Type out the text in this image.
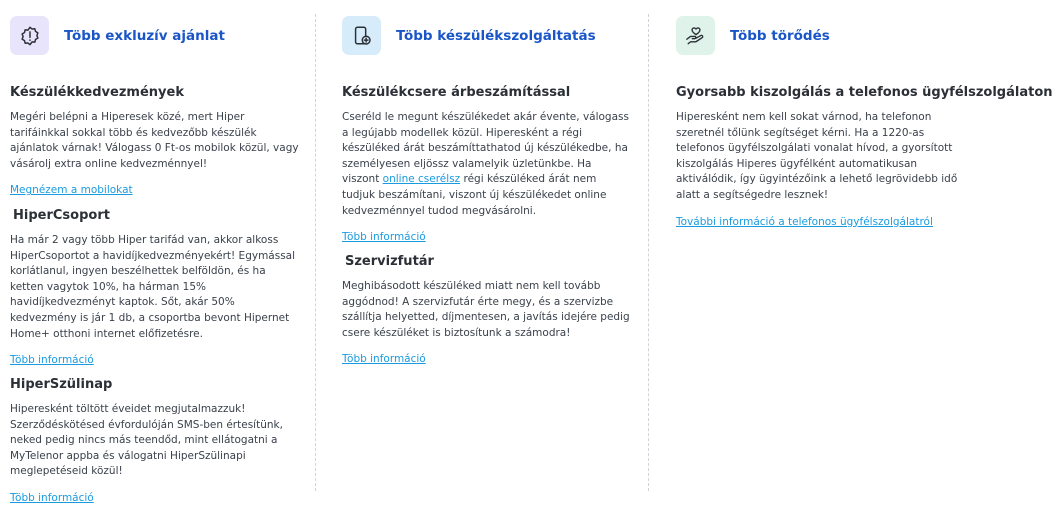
Több exkluzív ajánlat
Készülékkedvezmények

Megéri belépni a Hiperesek közé, mert Hiper tarifáinkkal sokkal több és kedvezőbb készülék ajánlatok várnak! Válogass 0 Ft-os mobilok közül, vagy vásárolj extra online kedvezménnyel!

Megnézem a mobilokat
HiperCsoport

Ha már 2 vagy több Hiper tarifád van, akkor alkoss HiperCsoportot a havidíjkedvezményekért! Egymással korlátlanul, ingyen beszélhettek belföldön, és ha ketten vagytok 10%, ha hárman 15% havidíjkedvezményt kaptok. Sőt, akár 50% kedvezmény is jár 1 db, a csoportba bevont Hipernet Home+ otthoni internet előfizetésre.

Több információ
HiperSzülinap

Hiperesként töltött éveidet megjutalmazzuk! Szerződéskötésed évfordulóján SMS-ben értesítünk, neked pedig nincs más teendőd, mint ellátogatni a MyTelenor appba és válogatni HiperSzülinapi meglepetéseid közül!

Több információ
Több készülékszolgáltatás
Készülékcsere árbeszámítással

Cseréld le megunt készülékedet akár évente, válogass a legújabb modellek közül. Hiperesként a régi készüléked árát beszámíttathatod új készülékedbe, ha személyesen eljössz valamelyik üzletünkbe. Ha viszont online cserélsz régi készüléked árát nem tudjuk beszámítani, viszont új készülékedet online kedvezménnyel tudod megvásárolni.

Több információ
Szervizfutár

Meghibásodott készüléked miatt nem kell tovább aggódnod! A szervizfutár érte megy, és a szervizbe szállítja helyetted, díjmentesen, a javítás idejére pedig csere készüléket is biztosítunk a számodra!

Több információ
Több törődés
Gyorsabb kiszolgálás a telefonos ügyfélszolgálaton

Hiperesként nem kell sokat várnod, ha telefonon szeretnél tőlünk segítséget kérni. Ha a 1220-as telefonos ügyfélszolgálati vonalat hívod, a gyorsított kiszolgálás Hiperes ügyfélként automatikusan aktiválódik, így ügyintézőink a lehető legrövidebb idő alatt a segítségedre lesznek!

További információ a telefonos ügyfélszolgálatról
